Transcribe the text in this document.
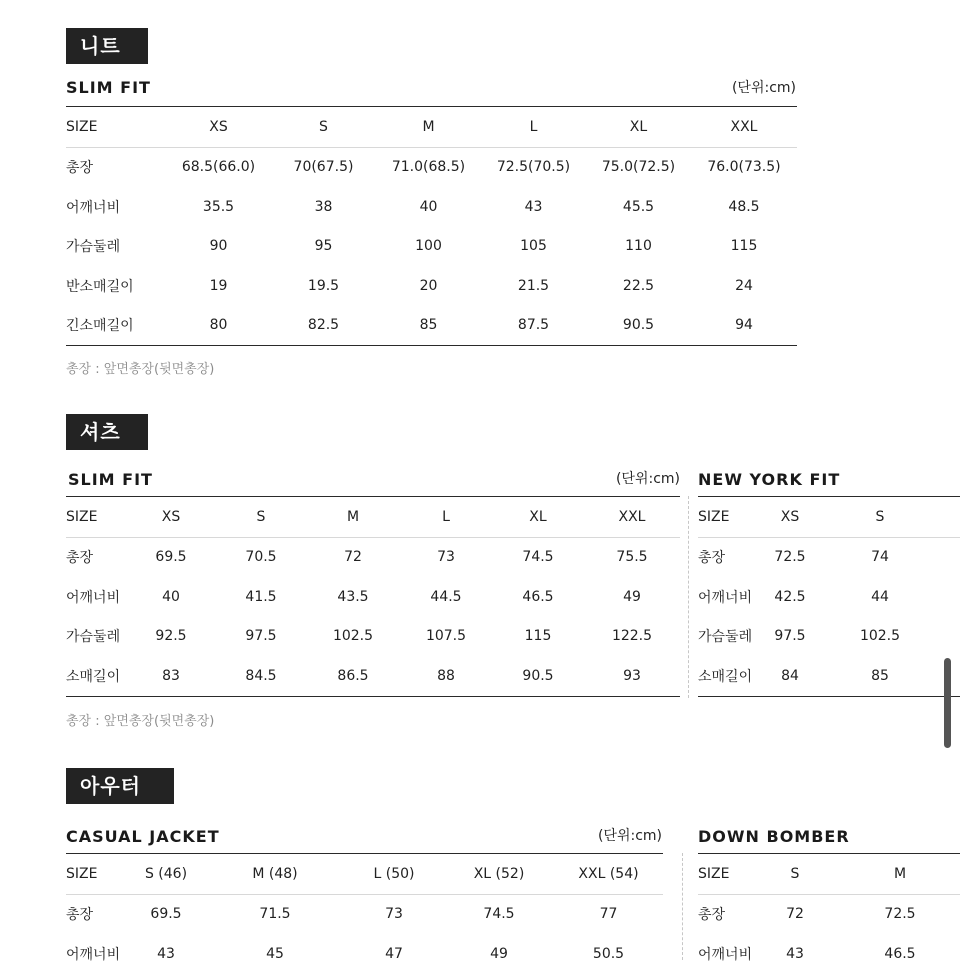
니트
SLIM FIT	(단위:cm)
SIZE	XS	S	M	L	XL	XXL
총장	68.5(66.0)	70(67.5)	71.0(68.5)	72.5(70.5)	75.0(72.5)	76.0(73.5)
어깨너비	35.5	38	40	43	45.5	48.5
가슴둘레	90	95	100	105	110	115
반소매길이	19	19.5	20	21.5	22.5	24
긴소매길이	80	82.5	85	87.5	90.5	94
총장 : 앞면총장(뒷면총장)
셔츠
SLIM FIT	(단위:cm)
SIZE	XS	S	M	L	XL	XXL
총장	69.5	70.5	72	73	74.5	75.5
어깨너비	40	41.5	43.5	44.5	46.5	49
가슴둘레	92.5	97.5	102.5	107.5	115	122.5
소매길이	83	84.5	86.5	88	90.5	93
NEW YORK FIT
SIZE	XS	S	
총장	72.5	74	
어깨너비	42.5	44	
가슴둘레	97.5	102.5	
소매길이	84	85	
총장 : 앞면총장(뒷면총장)
아우터
CASUAL JACKET	(단위:cm)
SIZE	S (46)	M (48)	L (50)	XL (52)	XXL (54)
총장	69.5	71.5	73	74.5	77
어깨너비	43	45	47	49	50.5
DOWN BOMBER
SIZE	S	M
총장	72	72.5
어깨너비	43	46.5
